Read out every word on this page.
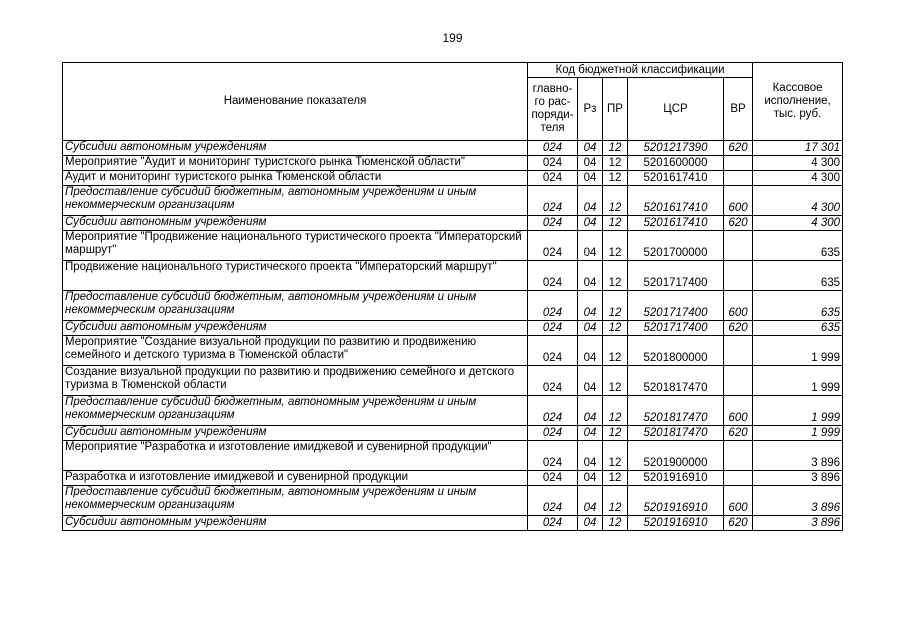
199
Наименование показателя	Код бюджетной классификации					Кассовое исполнение, тыс. руб.
	главно-го рас-поряди-теля	Рз	ПР	ЦСР	ВР	
Субсидии автономным учреждениям	024	04	12	5201217390	620	17 301
Мероприятие "Аудит и мониторинг туристского рынка Тюменской области"	024	04	12	5201600000		4 300
Аудит и мониторинг туристского рынка Тюменской области	024	04	12	5201617410		4 300
Предоставление субсидий бюджетным, автономным учреждениям и иным некоммерческим организациям	024	04	12	5201617410	600	4 300
Субсидии автономным учреждениям	024	04	12	5201617410	620	4 300
Мероприятие "Продвижение национального туристического проекта "Императорский маршрут"	024	04	12	5201700000		635
Продвижение национального туристического проекта "Императорский маршрут"	024	04	12	5201717400		635
Предоставление субсидий бюджетным, автономным учреждениям и иным некоммерческим организациям	024	04	12	5201717400	600	635
Субсидии автономным учреждениям	024	04	12	5201717400	620	635
Мероприятие "Создание визуальной продукции по развитию и продвижению семейного и детского туризма в Тюменской области"	024	04	12	5201800000		1 999
Создание визуальной продукции по развитию и продвижению семейного и детского туризма в Тюменской области	024	04	12	5201817470		1 999
Предоставление субсидий бюджетным, автономным учреждениям и иным некоммерческим организациям	024	04	12	5201817470	600	1 999
Субсидии автономным учреждениям	024	04	12	5201817470	620	1 999
Мероприятие "Разработка и изготовление имиджевой и сувенирной продукции"	024	04	12	5201900000		3 896
Разработка и изготовление имиджевой и сувенирной продукции	024	04	12	5201916910		3 896
Предоставление субсидий бюджетным, автономным учреждениям и иным некоммерческим организациям	024	04	12	5201916910	600	3 896
Субсидии автономным учреждениям	024	04	12	5201916910	620	3 896
